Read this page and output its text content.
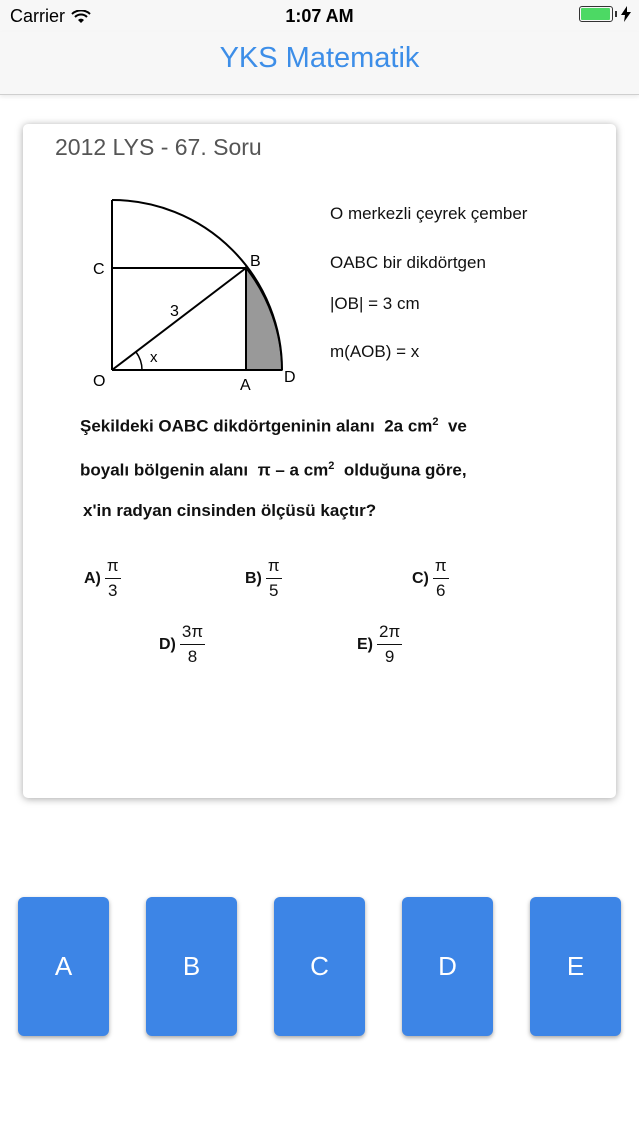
Carrier	1:07 AM
YKS Matematik
2012 LYS - 67. Soru
C	B
O	A D
3
x
O merkezli çeyrek çember
OABC bir dikdörtgen
|OB| = 3 cm
m(AOB) = x
Şekildeki OABC dikdörtgeninin alanı 2a $cm^2$ ve
boyalı bölgenin alanı π – a $cm^2$ olduğuna göre,
x'in radyan cinsinden ölçüsü kaçtır?
$A) \frac{\pi}{3}$	$B) \frac{\pi}{5}$	$C) \frac{\pi}{6}$
$D) \frac{3\pi}{8}$	$E) \frac{2\pi}{9}$
A	B	C	D	E
